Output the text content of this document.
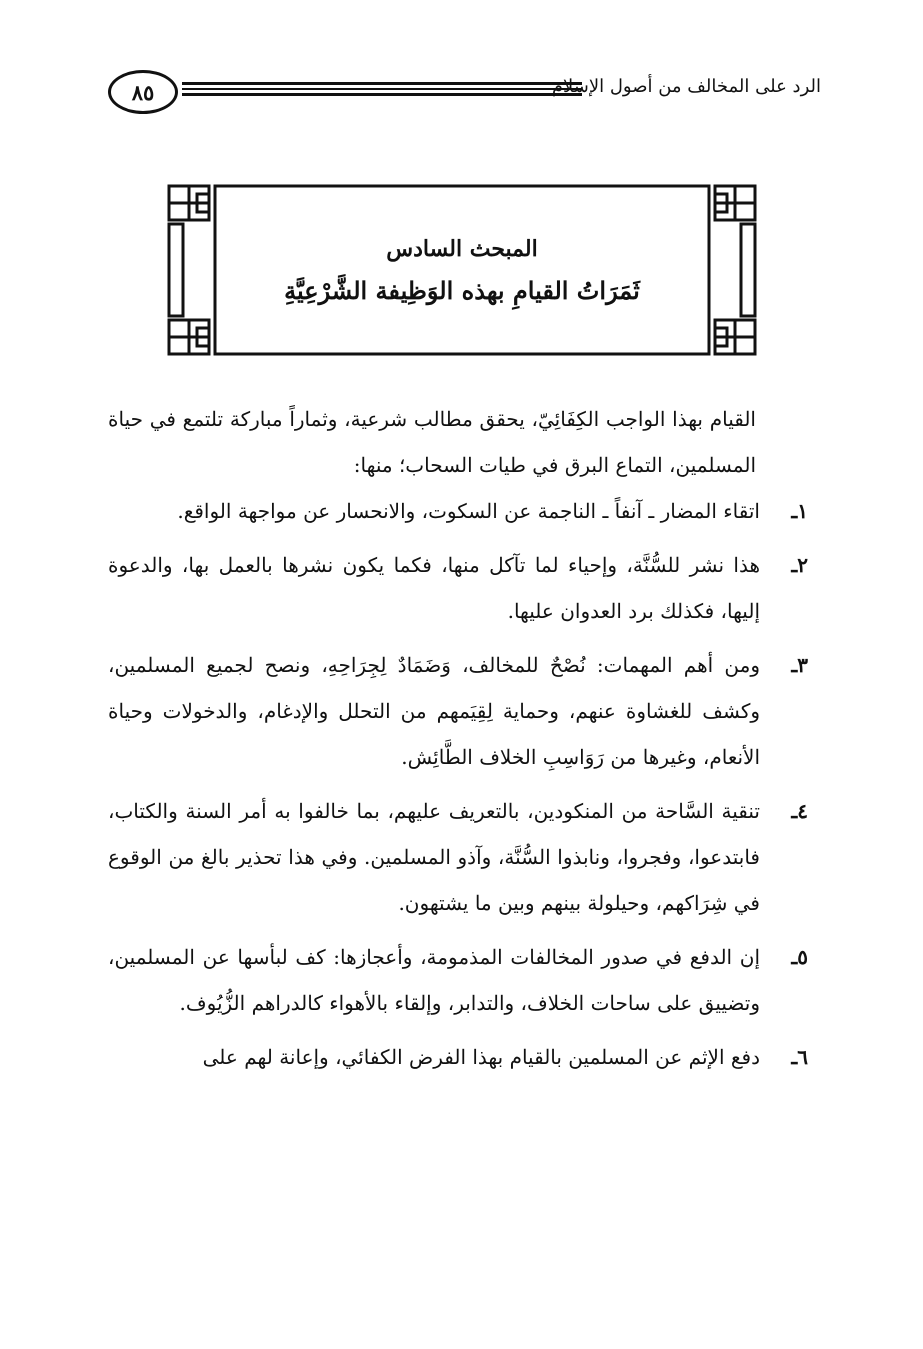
٨٥	الرد على المخالف من أصول الإسلام
المبحث السادس
ثَمَرَاتُ القيامِ بهذه الوَظِيفة الشَّرْعِيَّةِ

القيام بهذا الواجب الكِفَائِيّ، يحقق مطالب شرعية، وثماراً مباركة تلتمع في حياة المسلمين، التماع البرق في طيات السحاب؛ منها:

١ـ
اتقاء المضار ـ آنفاً ـ الناجمة عن السكوت، والانحسار عن مواجهة الواقع.
٢ـ
هذا نشر للسُّنَّة، وإحياء لما تآكل منها، فكما يكون نشرها بالعمل بها، والدعوة إليها، فكذلك برد العدوان عليها.
٣ـ
ومن أهم المهمات: نُصْحٌ للمخالف، وَضَمَادٌ لِجِرَاحِهِ، ونصح لجميع المسلمين، وكشف للغشاوة عنهم، وحماية لِقِيَمهم من التحلل والإدغام، والدخولات وحياة الأنعام، وغيرها من رَوَاسِبِ الخلاف الطَّائِش.
٤ـ
تنقية السَّاحة من المنكودين، بالتعريف عليهم، بما خالفوا به أمر السنة والكتاب، فابتدعوا، وفجروا، ونابذوا السُّنَّة، وآذو المسلمين. وفي هذا تحذير بالغ من الوقوع في شِرَاكهم، وحيلولة بينهم وبين ما يشتهون.
٥ـ
إن الدفع في صدور المخالفات المذمومة، وأعجازها: كف لبأسها عن المسلمين، وتضييق على ساحات الخلاف، والتدابر، وإلقاء بالأهواء كالدراهم الزُّيُوف.
٦ـ
دفع الإثم عن المسلمين بالقيام بهذا الفرض الكفائي، وإعانة لهم على
